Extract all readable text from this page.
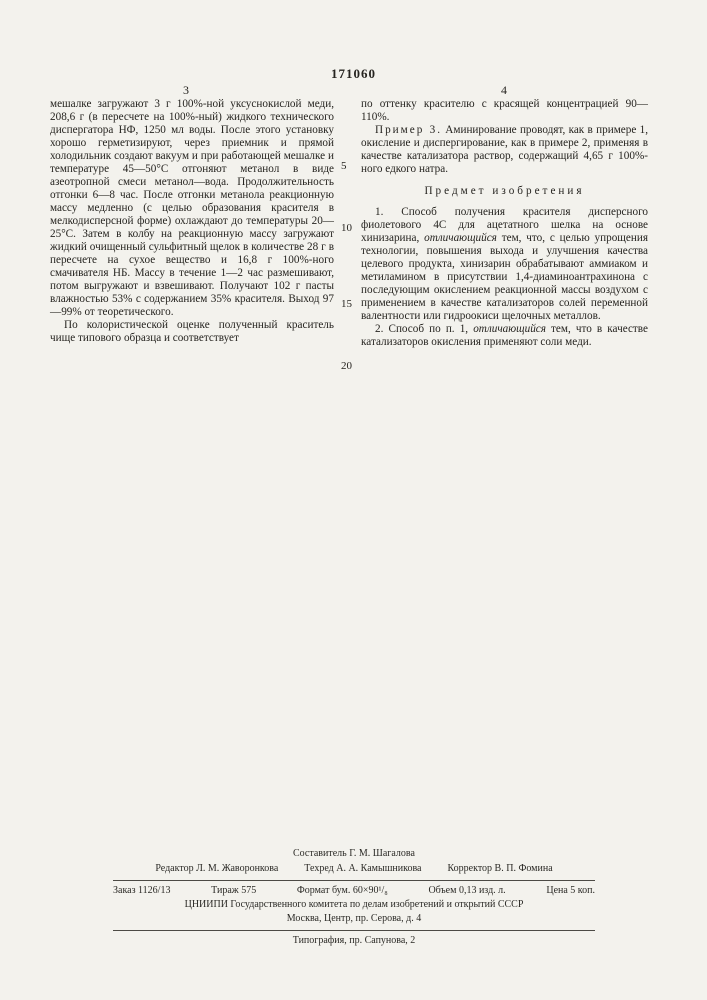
171060
3	4

мешалке загружают 3 г 100%-ной уксуснокислой меди, 208,6 г (в пересчете на 100%-ный) жидкого технического диспергатора НФ, 1250 мл воды. После этого установку хорошо герметизируют, через приемник и прямой холодильник создают вакуум и при работающей мешалке и температуре 45—50°С отгоняют метанол в виде азеотропной смеси метанол—вода. Продолжительность отгонки 6—8 час. После отгонки метанола реакционную массу медленно (с целью образования красителя в мелкодисперсной форме) охлаждают до температуры 20—25°С. Затем в колбу на реакционную массу загружают жидкий очищенный сульфитный щелок в количестве 28 г в пересчете на сухое вещество и 16,8 г 100%-ного смачивателя НБ. Массу в течение 1—2 час размешивают, потом выгружают и взвешивают. Получают 102 г пасты влажностью 53% с содержанием 35% красителя. Выход 97—99% от теоретического.

По колористической оценке полученный краситель чище типового образца и соответствует

5
10
15
20

по оттенку красителю с красящей концентрацией 90—110%.

Пример 3. Аминирование проводят, как в примере 1, окисление и диспергирование, как в примере 2, применяя в качестве катализатора раствор, содержащий 4,65 г 100%-ного едкого натра.

Предмет изобретения

1. Способ получения красителя дисперсного фиолетового 4С для ацетатного шелка на основе хинизарина, отличающийся тем, что, с целью упрощения технологии, повышения выхода и улучшения качества целевого продукта, хинизарин обрабатывают аммиаком и метиламином в присутствии 1,4-диаминоантрахинона с последующим окислением реакционной массы воздухом с применением в качестве катализаторов солей переменной валентности или гидроокиси щелочных металлов.

2. Способ по п. 1, отличающийся тем, что в качестве катализаторов окисления применяют соли меди.

Составитель Г. М. Шагалова
Редактор Л. М. Жаворонкова	Техред А. А. Камышникова	Корректор В. П. Фомина
Заказ 1126/13	Тираж 575	Формат бум. 60×90¹/₈	Объем 0,13 изд. л.	Цена 5 коп.
ЦНИИПИ Государственного комитета по делам изобретений и открытий СССР
Москва, Центр, пр. Серова, д. 4
Типография, пр. Сапунова, 2
